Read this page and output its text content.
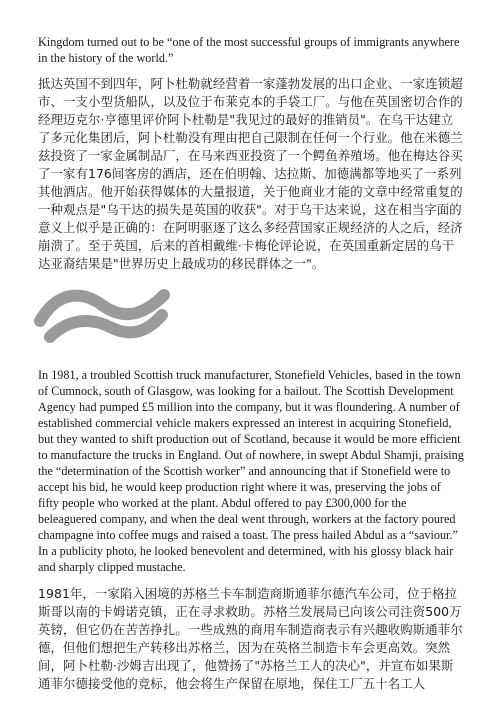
Kingdom turned out to be “one of the most successful groups of immigrants anywhere in the history of the world.”

抵达英国不到四年，阿卜杜勒就经营着一家蓬勃发展的出口企业、一家连锁超市、一支小型货船队，以及位于布莱克本的手袋工厂。与他在英国密切合作的经理迈克尔·亨德里评价阿卜杜勒是"我见过的最好的推销员"。在乌干达建立了多元化集团后，阿卜杜勒没有理由把自己限制在任何一个行业。他在米德兰兹投资了一家金属制品厂，在马来西亚投资了一个鳄鱼养殖场。他在梅达谷买了一家有176间客房的酒店，还在伯明翰、达拉斯、加德满都等地买了一系列其他酒店。他开始获得媒体的大量报道，关于他商业才能的文章中经常重复的一种观点是"乌干达的损失是英国的收获"。对于乌干达来说，这在相当字面的意义上似乎是正确的：在阿明驱逐了这么多经营国家正规经济的人之后，经济崩溃了。至于英国，后来的首相戴维·卡梅伦评论说，在英国重新定居的乌干达亚裔结果是"世界历史上最成功的移民群体之一"。

In 1981, a troubled Scottish truck manufacturer, Stonefield Vehicles, based in the town of Cumnock, south of Glasgow, was looking for a bailout. The Scottish Development Agency had pumped £5 million into the company, but it was floundering. A number of established commercial vehicle makers expressed an interest in acquiring Stonefield, but they wanted to shift production out of Scotland, because it would be more efficient to manufacture the trucks in England. Out of nowhere, in swept Abdul Shamji, praising the “determination of the Scottish worker” and announcing that if Stonefield were to accept his bid, he would keep production right where it was, preserving the jobs of fifty people who worked at the plant. Abdul offered to pay £300,000 for the beleaguered company, and when the deal went through, workers at the factory poured champagne into coffee mugs and raised a toast. The press hailed Abdul as a “saviour.” In a publicity photo, he looked benevolent and determined, with his glossy black hair and sharply clipped mustache.

1981年，一家陷入困境的苏格兰卡车制造商斯通菲尔德汽车公司，位于格拉斯哥以南的卡姆诺克镇，正在寻求救助。苏格兰发展局已向该公司注资500万英镑，但它仍在苦苦挣扎。一些成熟的商用车制造商表示有兴趣收购斯通菲尔德，但他们想把生产转移出苏格兰，因为在英格兰制造卡车会更高效。突然间，阿卜杜勒·沙姆吉出现了，他赞扬了"苏格兰工人的决心"，并宣布如果斯通菲尔德接受他的竞标，他会将生产保留在原地，保住工厂五十名工人
